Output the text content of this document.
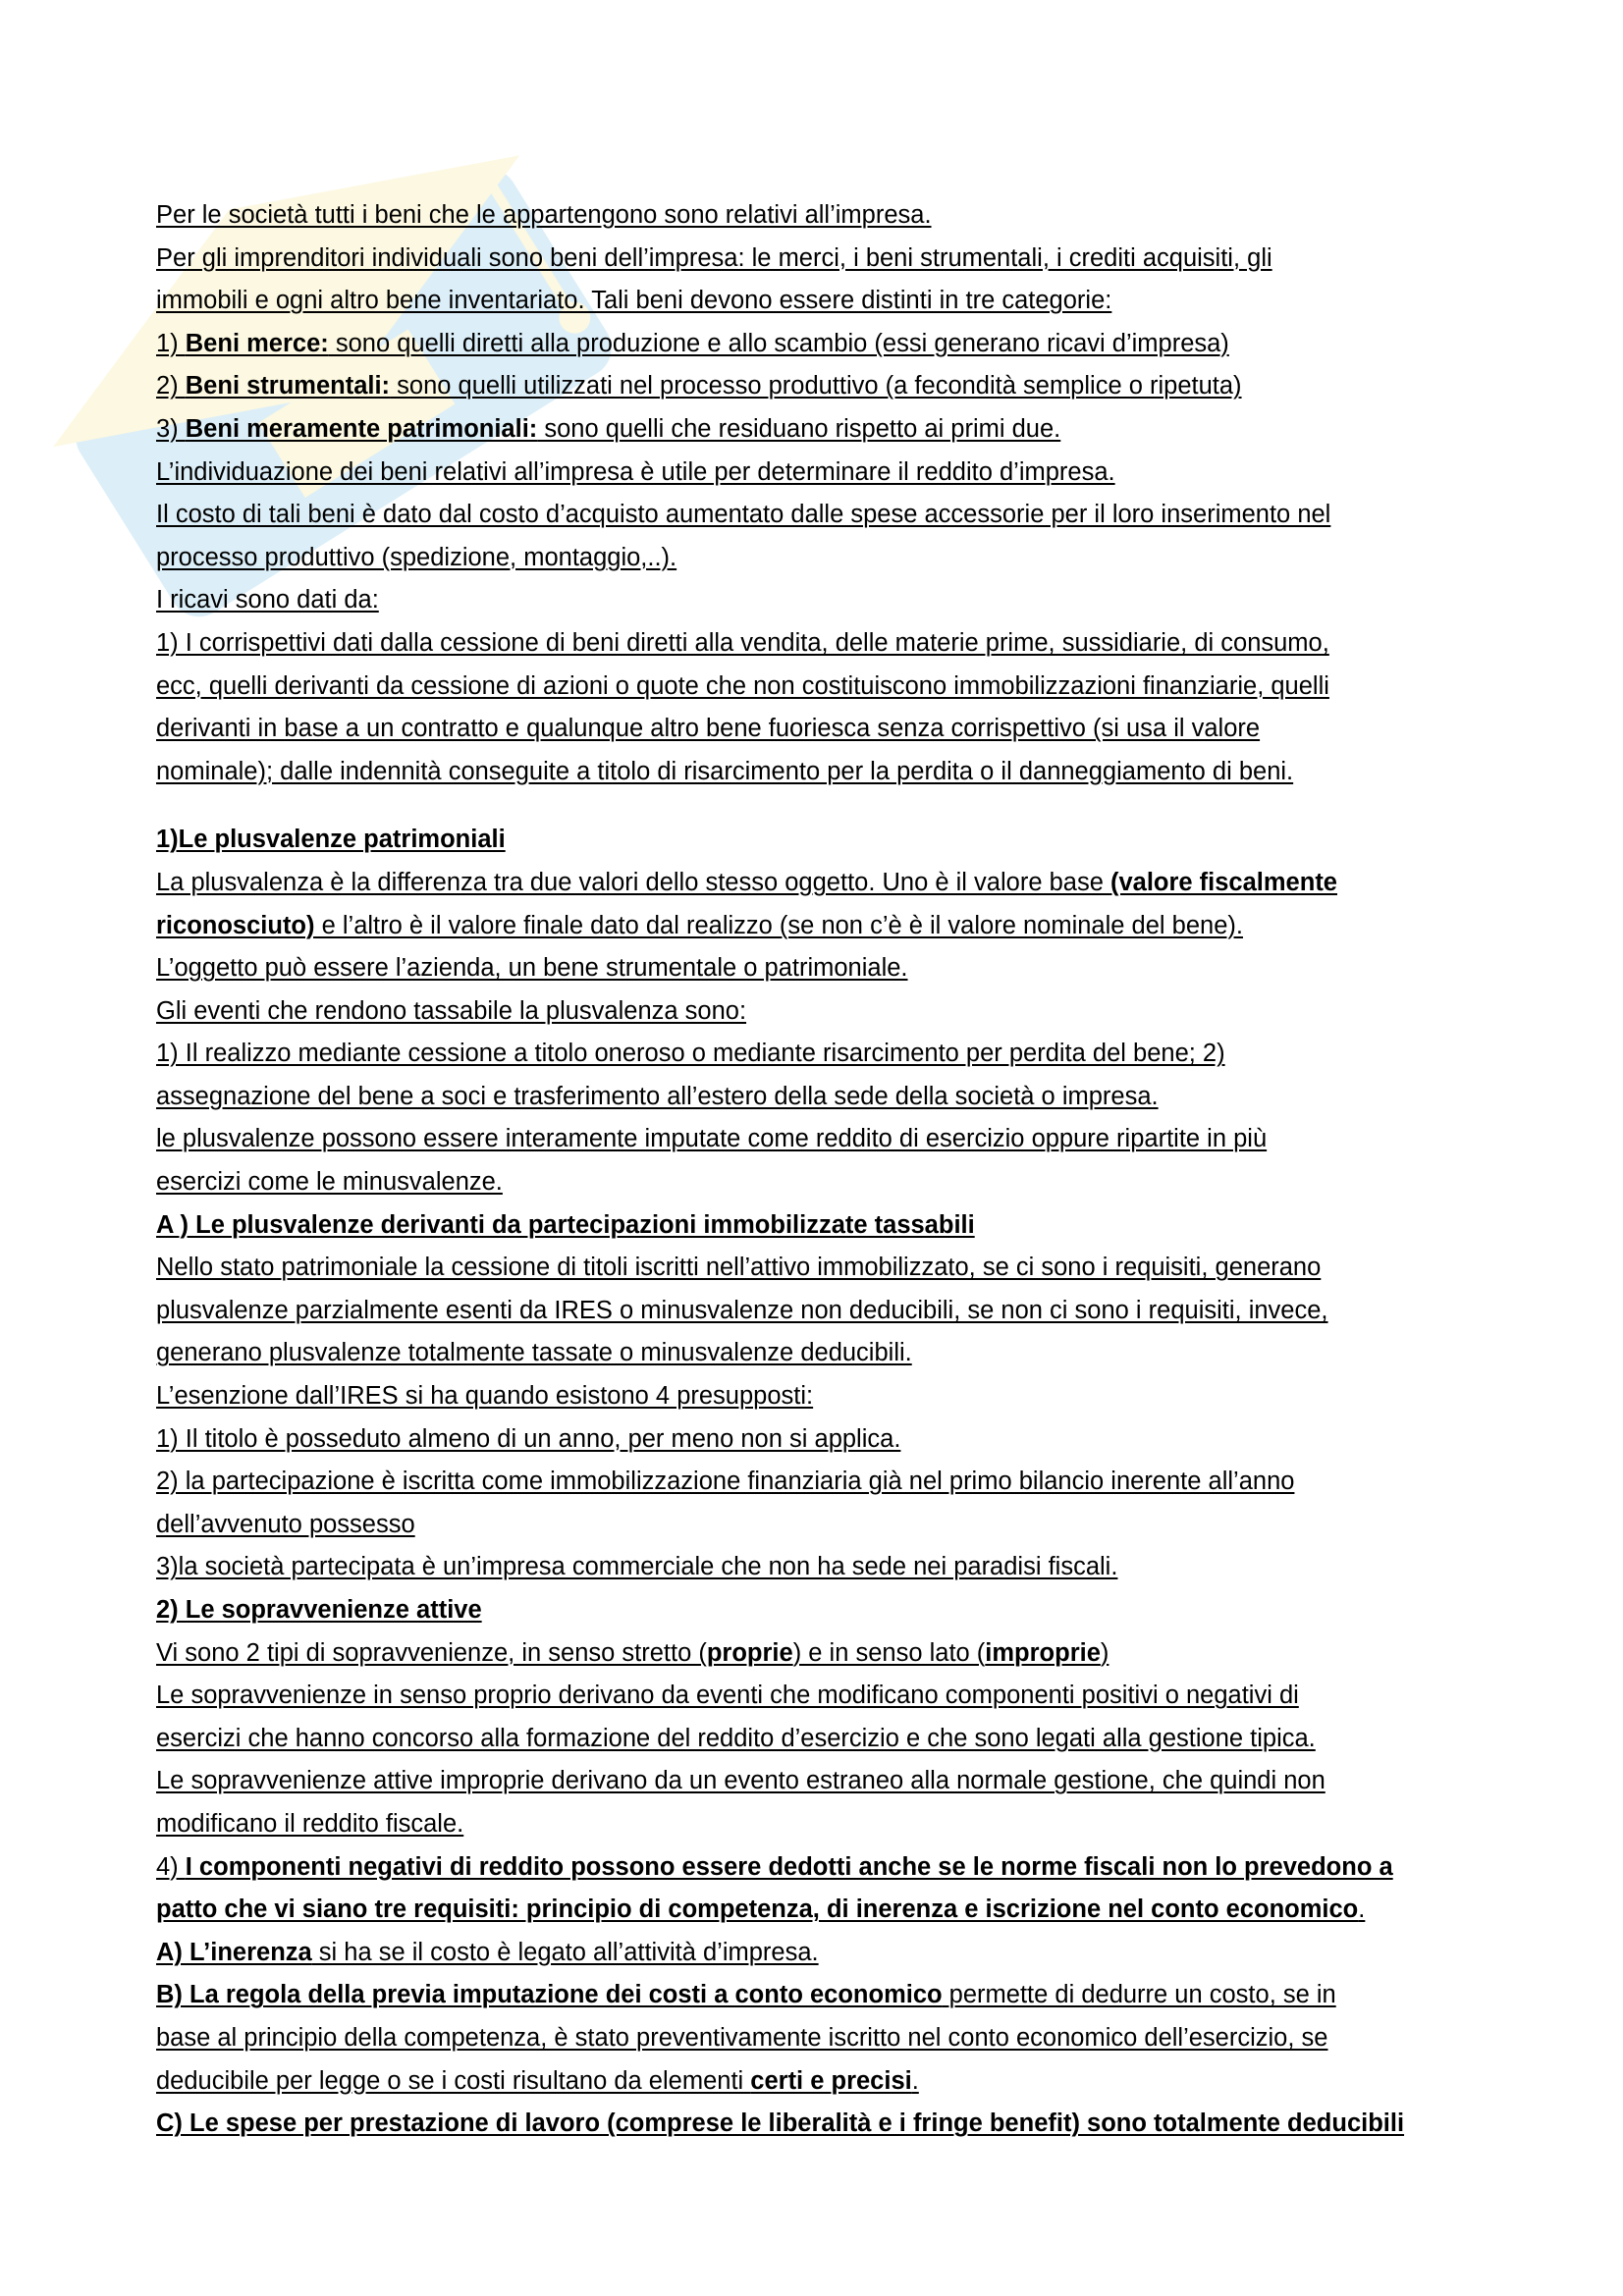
Per le società tutti i beni che le appartengono sono relativi all’impresa.
Per gli imprenditori individuali sono beni dell’impresa: le merci, i beni strumentali, i crediti acquisiti, gli
immobili e ogni altro bene inventariato. Tali beni devono essere distinti in tre categorie:
1) Beni merce: sono quelli diretti alla produzione e allo scambio (essi generano ricavi d’impresa)
2) Beni strumentali: sono quelli utilizzati nel processo produttivo (a fecondità semplice o ripetuta)
3) Beni meramente patrimoniali: sono quelli che residuano rispetto ai primi due.
L’individuazione dei beni relativi all’impresa è utile per determinare il reddito d’impresa.
Il costo di tali beni è dato dal costo d’acquisto aumentato dalle spese accessorie per il loro inserimento nel
processo produttivo (spedizione, montaggio,..).
I ricavi sono dati da:
1) I corrispettivi dati dalla cessione di beni diretti alla vendita, delle materie prime, sussidiarie, di consumo,
ecc, quelli derivanti da cessione di azioni o quote che non costituiscono immobilizzazioni finanziarie, quelli
derivanti in base a un contratto e qualunque altro bene fuoriesca senza corrispettivo (si usa il valore
nominale); dalle indennità conseguite a titolo di risarcimento per la perdita o il danneggiamento di beni.
1)Le plusvalenze patrimoniali
La plusvalenza è la differenza tra due valori dello stesso oggetto. Uno è il valore base (valore fiscalmente
riconosciuto) e l’altro è il valore finale dato dal realizzo (se non c’è è il valore nominale del bene).
L’oggetto può essere l’azienda, un bene strumentale o patrimoniale.
Gli eventi che rendono tassabile la plusvalenza sono:
1) Il realizzo mediante cessione a titolo oneroso o mediante risarcimento per perdita del bene; 2)
assegnazione del bene a soci e trasferimento all’estero della sede della società o impresa.
le plusvalenze possono essere interamente imputate come reddito di esercizio oppure ripartite in più
esercizi come le minusvalenze.
A ) Le plusvalenze derivanti da partecipazioni immobilizzate tassabili
Nello stato patrimoniale la cessione di titoli iscritti nell’attivo immobilizzato, se ci sono i requisiti, generano
plusvalenze parzialmente esenti da IRES o minusvalenze non deducibili, se non ci sono i requisiti, invece,
generano plusvalenze totalmente tassate o minusvalenze deducibili.
L’esenzione dall’IRES si ha quando esistono 4 presupposti:
1) Il titolo è posseduto almeno di un anno, per meno non si applica.
2) la partecipazione è iscritta come immobilizzazione finanziaria già nel primo bilancio inerente all’anno
dell’avvenuto possesso
3)la società partecipata è un’impresa commerciale che non ha sede nei paradisi fiscali.
2) Le sopravvenienze attive
Vi sono 2 tipi di sopravvenienze, in senso stretto (proprie) e in senso lato (improprie)
Le sopravvenienze in senso proprio derivano da eventi che modificano componenti positivi o negativi di
esercizi che hanno concorso alla formazione del reddito d’esercizio e che sono legati alla gestione tipica.
Le sopravvenienze attive improprie derivano da un evento estraneo alla normale gestione, che quindi non
modificano il reddito fiscale.
4) I componenti negativi di reddito possono essere dedotti anche se le norme fiscali non lo prevedono a
patto che vi siano tre requisiti: principio di competenza, di inerenza e iscrizione nel conto economico.
A) L’inerenza si ha se il costo è legato all’attività d’impresa.
B) La regola della previa imputazione dei costi a conto economico permette di dedurre un costo, se in
base al principio della competenza, è stato preventivamente iscritto nel conto economico dell’esercizio, se
deducibile per legge o se i costi risultano da elementi certi e precisi.
C) Le spese per prestazione di lavoro (comprese le liberalità e i fringe benefit) sono totalmente deducibili
